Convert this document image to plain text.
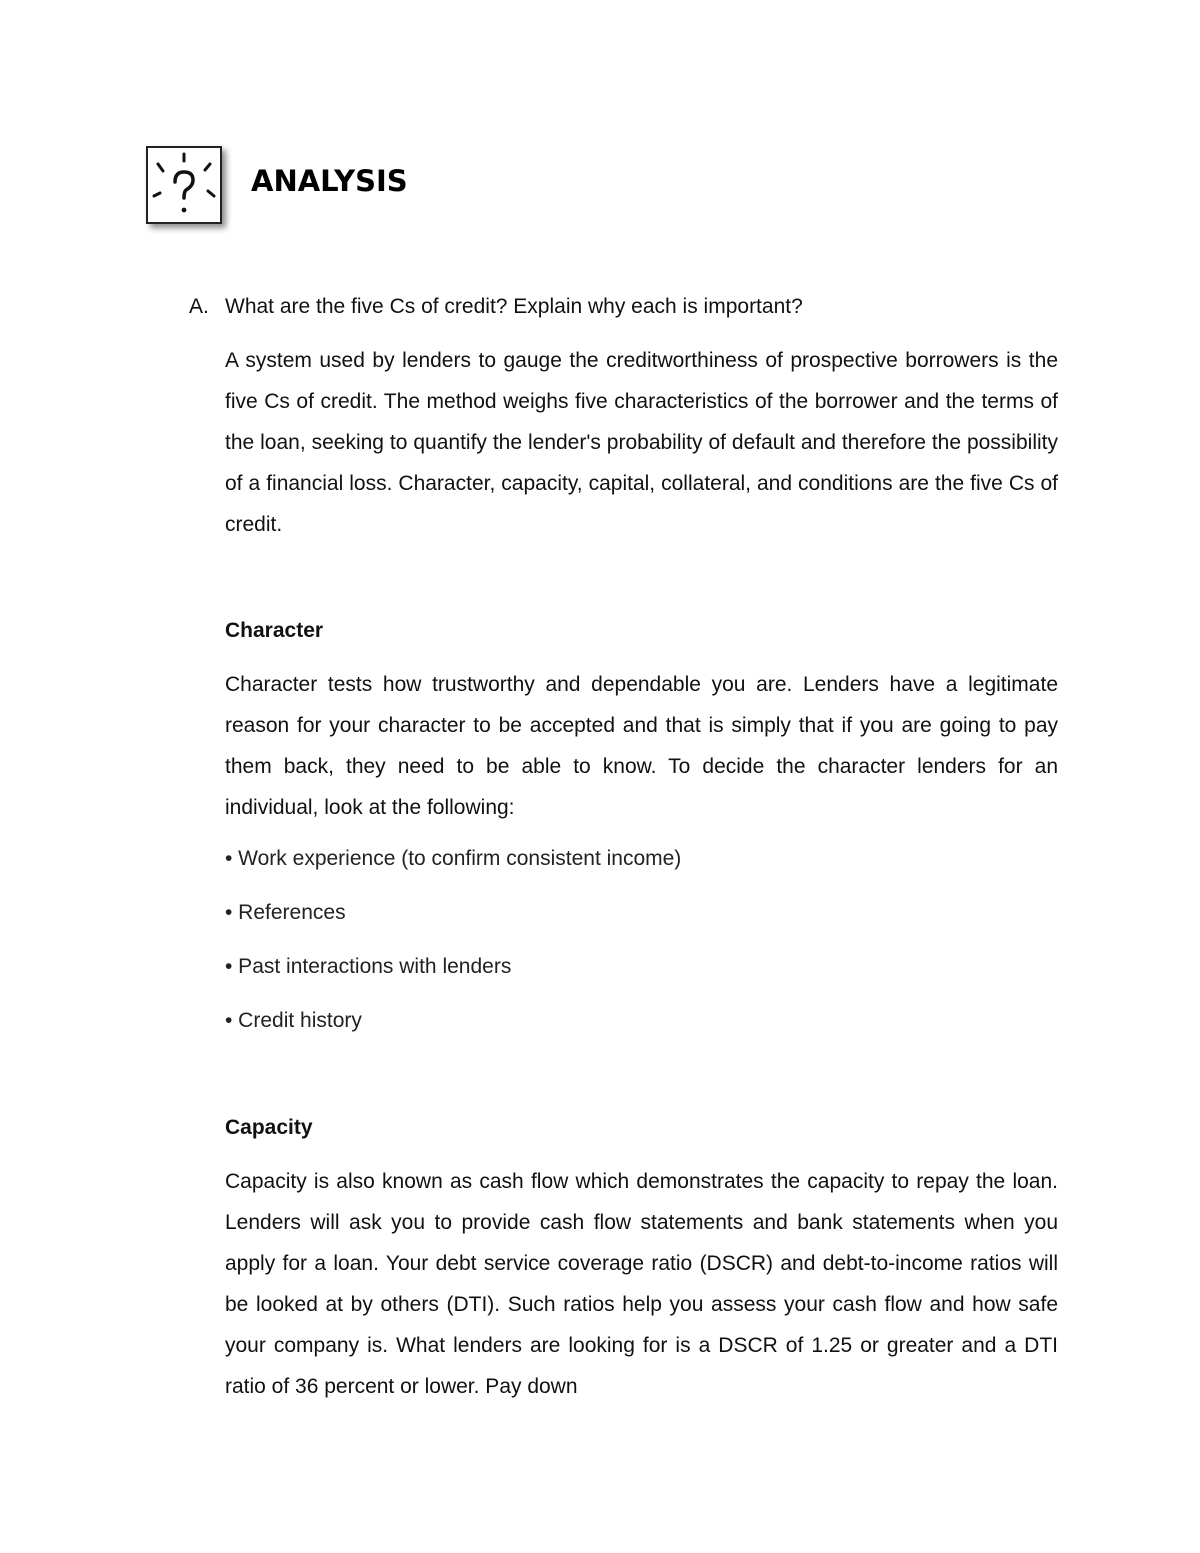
ANALYSIS

A. What are the five Cs of credit? Explain why each is important?

A system used by lenders to gauge the creditworthiness of prospective borrowers is the five Cs of credit. The method weighs five characteristics of the borrower and the terms of the loan, seeking to quantify the lender's probability of default and therefore the possibility of a financial loss. Character, capacity, capital, collateral, and conditions are the five Cs of credit.

Character

Character tests how trustworthy and dependable you are. Lenders have a legitimate reason for your character to be accepted and that is simply that if you are going to pay them back, they need to be able to know. To decide the character lenders for an individual, look at the following:

• Work experience (to confirm consistent income)
• References
• Past interactions with lenders
• Credit history

Capacity

Capacity is also known as cash flow which demonstrates the capacity to repay the loan. Lenders will ask you to provide cash flow statements and bank statements when you apply for a loan. Your debt service coverage ratio (DSCR) and debt-to-income ratios will be looked at by others (DTI). Such ratios help you assess your cash flow and how safe your company is. What lenders are looking for is a DSCR of 1.25 or greater and a DTI ratio of 36 percent or lower. Pay down
